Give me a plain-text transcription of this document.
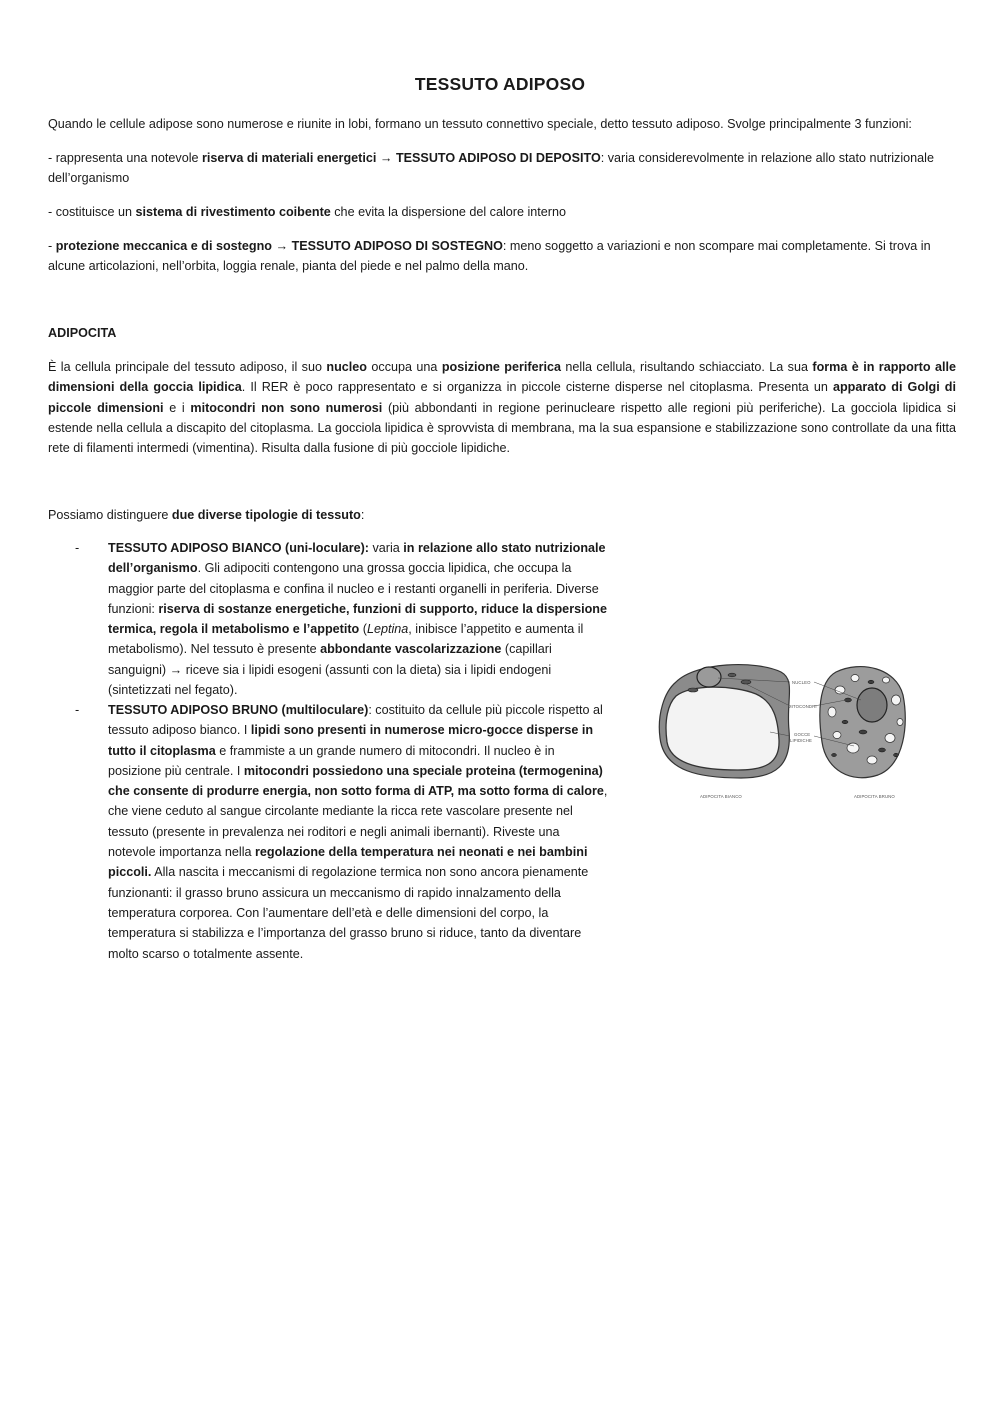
TESSUTO ADIPOSO

Quando le cellule adipose sono numerose e riunite in lobi, formano un tessuto connettivo speciale, detto tessuto adiposo. Svolge principalmente 3 funzioni:

- rappresenta una notevole riserva di materiali energetici → TESSUTO ADIPOSO DI DEPOSITO: varia considerevolmente in relazione allo stato nutrizionale dell’organismo

- costituisce un sistema di rivestimento coibente che evita la dispersione del calore interno

- protezione meccanica e di sostegno → TESSUTO ADIPOSO DI SOSTEGNO: meno soggetto a variazioni e non scompare mai completamente. Si trova in alcune articolazioni, nell’orbita, loggia renale, pianta del piede e nel palmo della mano.

ADIPOCITA

È la cellula principale del tessuto adiposo, il suo nucleo occupa una posizione periferica nella cellula, risultando schiacciato. La sua forma è in rapporto alle dimensioni della goccia lipidica. Il RER è poco rappresentato e si organizza in piccole cisterne disperse nel citoplasma. Presenta un apparato di Golgi di piccole dimensioni e i mitocondri non sono numerosi (più abbondanti in regione perinucleare rispetto alle regioni più periferiche). La gocciola lipidica si estende nella cellula a discapito del citoplasma. La gocciola lipidica è sprovvista di membrana, ma la sua espansione e stabilizzazione sono controllate da una fitta rete di filamenti intermedi (vimentina). Risulta dalla fusione di più gocciole lipidiche.

Possiamo distinguere due diverse tipologie di tessuto:

- TESSUTO ADIPOSO BIANCO (uni-loculare): varia in relazione allo stato nutrizionale dell’organismo. Gli adipociti contengono una grossa goccia lipidica, che occupa la maggior parte del citoplasma e confina il nucleo e i restanti organelli in periferia. Diverse funzioni: riserva di sostanze energetiche, funzioni di supporto, riduce la dispersione termica, regola il metabolismo e l’appetito (Leptina, inibisce l’appetito e aumenta il metabolismo). Nel tessuto è presente abbondante vascolarizzazione (capillari sanguigni) → riceve sia i lipidi esogeni (assunti con la dieta) sia i lipidi endogeni (sintetizzati nel fegato).

- TESSUTO ADIPOSO BRUNO (multiloculare): costituito da cellule più piccole rispetto al tessuto adiposo bianco. I lipidi sono presenti in numerose micro-gocce disperse in tutto il citoplasma e frammiste a un grande numero di mitocondri. Il nucleo è in posizione più centrale. I mitocondri possiedono una speciale proteina (termogenina) che consente di produrre energia, non sotto forma di ATP, ma sotto forma di calore, che viene ceduto al sangue circolante mediante la ricca rete vascolare presente nel tessuto (presente in prevalenza nei roditori e negli animali ibernanti). Riveste una notevole importanza nella regolazione della temperatura nei neonati e nei bambini piccoli. Alla nascita i meccanismi di regolazione termica non sono ancora pienamente funzionanti: il grasso bruno assicura un meccanismo di rapido innalzamento della temperatura corporea. Con l’aumentare dell’età e delle dimensioni del corpo, la temperatura si stabilizza e l’importanza del grasso bruno si riduce, tanto da diventare molto scarso o totalmente assente.

NUCLEO
MITOCONDRI
GOCCE
LIPIDICHE
ADIPOCITA BIANCO	ADIPOCITA BRUNO
